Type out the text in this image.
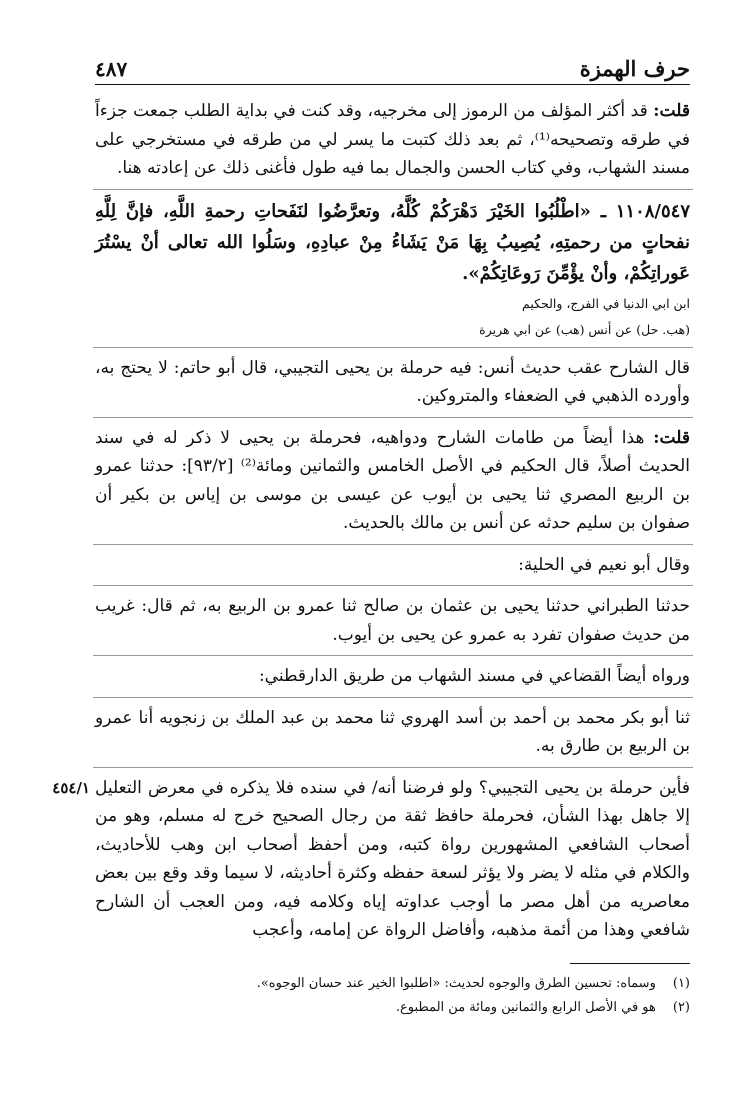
حرف الهمزة
٤٨٧

قلت: قد أكثر المؤلف من الرموز إلى مخرجيه، وقد كنت في بداية الطلب جمعت جزءاً في طرقه وتصحيحه⁽¹⁾، ثم بعد ذلك كتبت ما يسر لي من طرقه في مستخرجي على مسند الشهاب، وفي كتاب الحسن والجمال بما فيه طول فأغنى ذلك عن إعادته هنا.

١١٠٨/٥٤٧ ـ «اطْلُبُوا الخَيْرَ دَهْرَكُمْ كُلَّهُ، وتعرَّضُوا لنَفَحاتِ رحمةِ اللَّهِ، فإنَّ لِلَّهِ نفحاتٍ من رحمتِهِ، يُصِيبُ بِهَا مَنْ يَشَاءُ مِنْ عبادِهِ، وسَلُوا الله تعالى أنْ يسْتُرَ عَوراتِكُمْ، وأنْ يؤْمِّنَ رَوعَاتِكُمْ».

ابن ابي الدنيا في الفرج، والحكيم
(هب. حل) عن أنس (هب) عن ابي هريرة

قال الشارح عقب حديث أنس: فيه حرملة بن يحيى التجيبي، قال أبو حاتم: لا يحتج به، وأورده الذهبي في الضعفاء والمتروكين.

قلت: هذا أيضاً من طامات الشارح ودواهيه، فحرملة بن يحيى لا ذكر له في سند الحديث أصلاً، قال الحكيم في الأصل الخامس والثمانين ومائة⁽²⁾ [٩٣/٢]: حدثنا عمرو بن الربيع المصري ثنا يحيى بن أيوب عن عيسى بن موسى بن إياس بن بكير أن صفوان بن سليم حدثه عن أنس بن مالك بالحديث.

وقال أبو نعيم في الحلية:

حدثنا الطبراني حدثنا يحيى بن عثمان بن صالح ثنا عمرو بن الربيع به، ثم قال: غريب من حديث صفوان تفرد به عمرو عن يحيى بن أيوب.

ورواه أيضاً القضاعي في مسند الشهاب من طريق الدارقطني:

ثنا أبو بكر محمد بن أحمد بن أسد الهروي ثنا محمد بن عبد الملك بن زنجويه أنا عمرو بن الربيع بن طارق به.

٤٥٤/١ فأين حرملة بن يحيى التجيبي؟ ولو فرضنا أنه/ في سنده فلا يذكره في معرض التعليل إلا جاهل بهذا الشأن، فحرملة حافظ ثقة من رجال الصحيح خرج له مسلم، وهو من أصحاب الشافعي المشهورين رواة كتبه، ومن أحفظ أصحاب ابن وهب للأحاديث، والكلام في مثله لا يضر ولا يؤثر لسعة حفظه وكثرة أحاديثه، لا سيما وقد وقع بين بعض معاصريه من أهل مصر ما أوجب عداوته إياه وكلامه فيه، ومن العجب أن الشارح شافعي وهذا من أئمة مذهبه، وأفاضل الرواة عن إمامه، وأعجب

(١) وسماه: تحسين الطرق والوجوه لحديث: «اطلبوا الخير عند حسان الوجوه».
(٢) هو في الأصل الرابع والثمانين ومائة من المطبوع.
